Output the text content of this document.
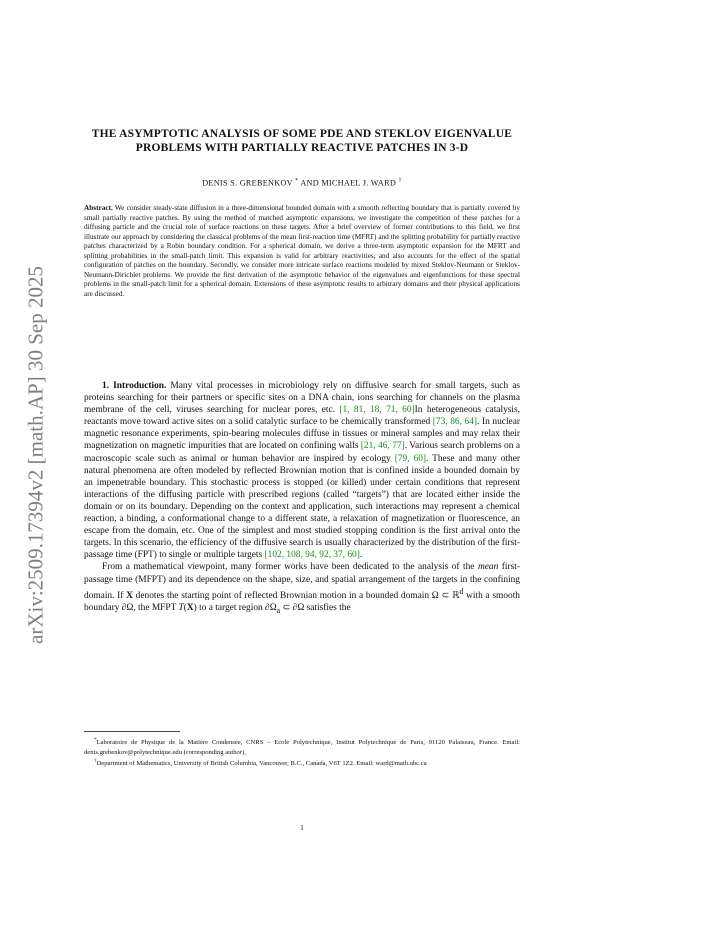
arXiv:2509.17394v2 [math.AP] 30 Sep 2025
THE ASYMPTOTIC ANALYSIS OF SOME PDE AND STEKLOV EIGENVALUE PROBLEMS WITH PARTIALLY REACTIVE PATCHES IN 3-D
DENIS S. GREBENKOV * AND MICHAEL J. WARD †
Abstract. We consider steady-state diffusion in a three-dimensional bounded domain with a smooth reflecting boundary that is partially covered by small partially reactive patches. By using the method of matched asymptotic expansions, we investigate the competition of these patches for a diffusing particle and the crucial role of surface reactions on these targets. After a brief overview of former contributions to this field, we first illustrate our approach by considering the classical problems of the mean first-reaction time (MFRT) and the splitting probability for partially reactive patches characterized by a Robin boundary condition. For a spherical domain, we derive a three-term asymptotic expansion for the MFRT and splitting probabilities in the small-patch limit. This expansion is valid for arbitrary reactivities, and also accounts for the effect of the spatial configuration of patches on the boundary. Secondly, we consider more intricate surface reactions modeled by mixed Steklov-Neumann or Steklov-Neumann-Dirichlet problems. We provide the first derivation of the asymptotic behavior of the eigenvalues and eigenfunctions for these spectral problems in the small-patch limit for a spherical domain. Extensions of these asymptotic results to arbitrary domains and their physical applications are discussed.

1. Introduction. Many vital processes in microbiology rely on diffusive search for small targets, such as proteins searching for their partners or specific sites on a DNA chain, ions searching for channels on the plasma membrane of the cell, viruses searching for nuclear pores, etc. [1, 81, 18, 71, 60]In heterogeneous catalysis, reactants move toward active sites on a solid catalytic surface to be chemically transformed [73, 86, 64]. In nuclear magnetic resonance experiments, spin-bearing molecules diffuse in tissues or mineral samples and may relax their magnetization on magnetic impurities that are located on confining walls [21, 46, 77]. Various search problems on a macroscopic scale such as animal or human behavior are inspired by ecology [79, 60]. These and many other natural phenomena are often modeled by reflected Brownian motion that is confined inside a bounded domain by an impenetrable boundary. This stochastic process is stopped (or killed) under certain conditions that represent interactions of the diffusing particle with prescribed regions (called “targets”) that are located either inside the domain or on its boundary. Depending on the context and application, such interactions may represent a chemical reaction, a binding, a conformational change to a different state, a relaxation of magnetization or fluorescence, an escape from the domain, etc. One of the simplest and most studied stopping condition is the first arrival onto the targets. In this scenario, the efficiency of the diffusive search is usually characterized by the distribution of the first-passage time (FPT) to single or multiple targets [102, 108, 94, 92, 37, 60].

From a mathematical viewpoint, many former works have been dedicated to the analysis of the mean first-passage time (MFPT) and its dependence on the shape, size, and spatial arrangement of the targets in the confining domain. If X denotes the starting point of reflected Brownian motion in a bounded domain Ω ⊂ ℝ$^d$ with a smooth boundary ∂Ω, the MFPT T(X) to a target region $\partial\Omega_a$ ⊂ ∂Ω satisfies the

*Laboratoire de Physique de la Matière Condensée, CNRS – Ecole Polytechnique, Institut Polytechnique de Paris, 91120 Palaiseau, France. Email: denis.grebenkov@polytechnique.edu (corresponding author),

†Department of Mathematics, University of British Columbia, Vancouver, B.C., Canada, V6T 1Z2. Email: ward@math.ubc.ca

1
